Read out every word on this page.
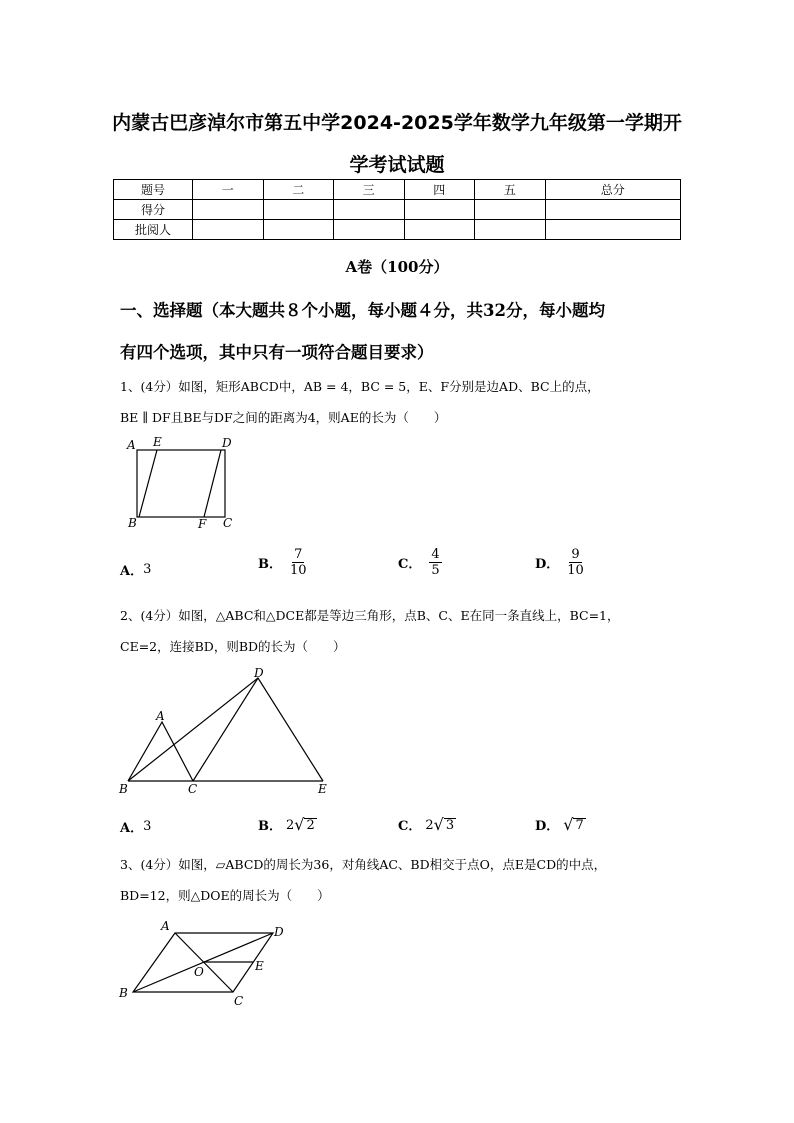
内蒙古巴彦淖尔市第五中学2024-2025学年数学九年级第一学期开
学考试试题
题号	一	二	三	四	五	总分
得分						
批阅人						
A卷（100分）
一、选择题（本大题共８个小题，每小题４分，共32分，每小题均
有四个选项，其中只有一项符合题目要求）
1、(4分）如图，矩形ABCD中，AB = 4，BC = 5，E、F分别是边AD、BC上的点，
BE ∥ DF且BE与DF之间的距离为4，则AE的长为（　　）
A E	D
B	F C
A． 3	B． $\frac{7}{10}$	C． $\frac{4}{5}$	D． $\frac{9}{10}$
2、(4分）如图，△ABC和△DCE都是等边三角形，点B、C、E在同一条直线上，BC=1，
CE=2，连接BD，则BD的长为（　　）
A
B	C
D
E
A． 3	B． 2 √ 2	C． 2 √ 3	D． √ 7
3、(4分）如图，▱ABCD的周长为36，对角线AC、BD相交于点O，点E是CD的中点，
BD=12，则△DOE的周长为（　　）
A	D
O	E
B
C
